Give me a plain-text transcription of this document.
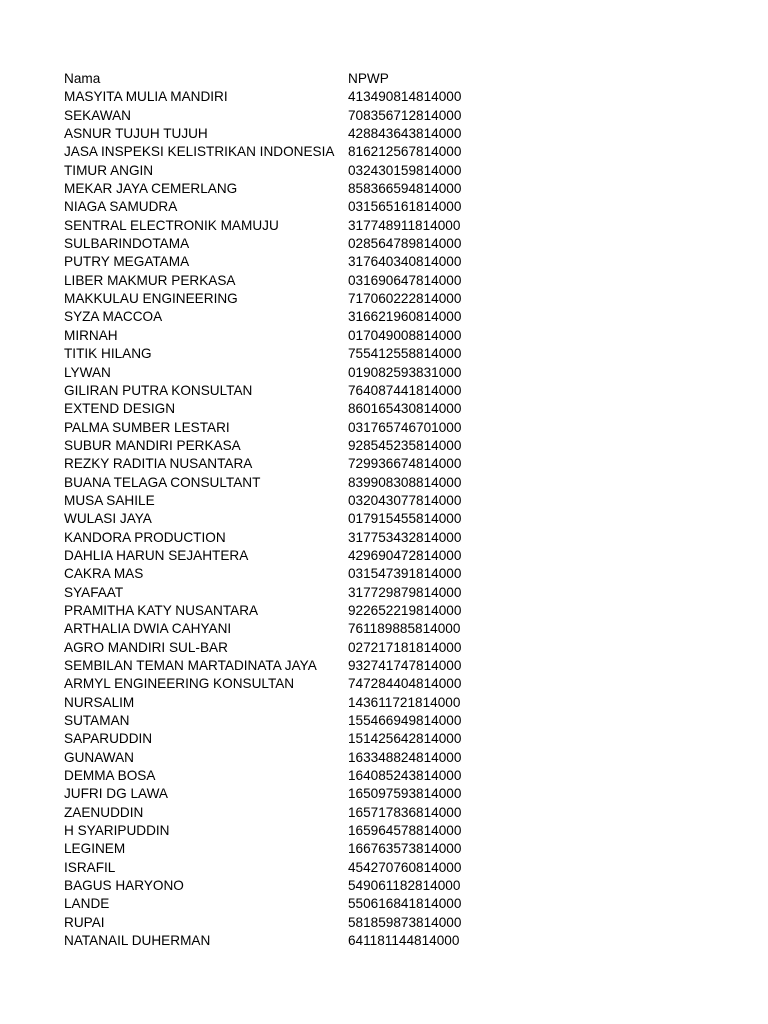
Nama	NPWP
MASYITA MULIA MANDIRI	413490814814000
SEKAWAN	708356712814000
ASNUR TUJUH TUJUH	428843643814000
JASA INSPEKSI KELISTRIKAN INDONESIA 816212567814000
TIMUR ANGIN	032430159814000
MEKAR JAYA CEMERLANG	858366594814000
NIAGA SAMUDRA	031565161814000
SENTRAL ELECTRONIK MAMUJU	317748911814000
SULBARINDOTAMA	028564789814000
PUTRY MEGATAMA	317640340814000
LIBER MAKMUR PERKASA	031690647814000
MAKKULAU ENGINEERING	717060222814000
SYZA MACCOA	316621960814000
MIRNAH	017049008814000
TITIK HILANG	755412558814000
LYWAN	019082593831000
GILIRAN PUTRA KONSULTAN	764087441814000
EXTEND DESIGN	860165430814000
PALMA SUMBER LESTARI	031765746701000
SUBUR MANDIRI PERKASA	928545235814000
REZKY RADITIA NUSANTARA	729936674814000
BUANA TELAGA CONSULTANT	839908308814000
MUSA SAHILE	032043077814000
WULASI JAYA	017915455814000
KANDORA PRODUCTION	317753432814000
DAHLIA HARUN SEJAHTERA	429690472814000
CAKRA MAS	031547391814000
SYAFAAT	317729879814000
PRAMITHA KATY NUSANTARA	922652219814000
ARTHALIA DWIA CAHYANI	761189885814000
AGRO MANDIRI SUL-BAR	027217181814000
SEMBILAN TEMAN MARTADINATA JAYA	932741747814000
ARMYL ENGINEERING KONSULTAN	747284404814000
NURSALIM	143611721814000
SUTAMAN	155466949814000
SAPARUDDIN	151425642814000
GUNAWAN	163348824814000
DEMMA BOSA	164085243814000
JUFRI DG LAWA	165097593814000
ZAENUDDIN	165717836814000
H SYARIPUDDIN	165964578814000
LEGINEM	166763573814000
ISRAFIL	454270760814000
BAGUS HARYONO	549061182814000
LANDE	550616841814000
RUPAI	581859873814000
NATANAIL DUHERMAN	641181144814000
